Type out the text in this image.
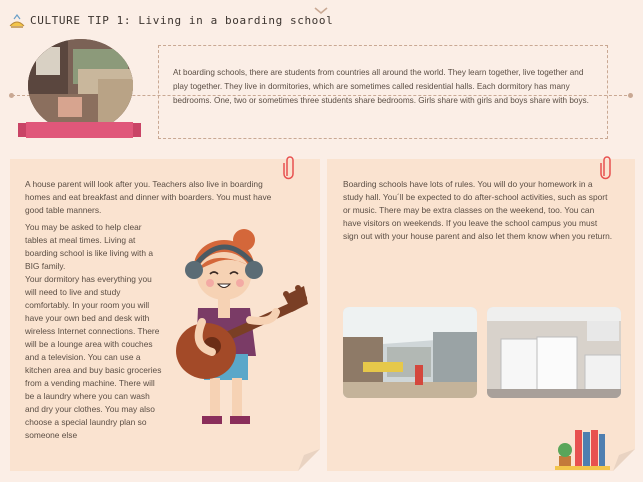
CULTURE TIP 1: Living in a boarding school

At boarding schools, there are students from countries all around the world. They learn together, live together and play together. They live in dormitories, which are sometimes called residential halls. Each dormitory has many bedrooms. One, two or sometimes three students share bedrooms. Girls share with girls and boys share with boys.

A house parent will look after you. Teachers also live in boarding homes and eat breakfast and dinner with boarders. You must have good table manners.

You may be asked to help clear tables at meal times. Living at boarding school is like living with a BIG family.
Your dormitory has everything you will need to live and study comfortably. In your room you will have your own bed and desk with wireless Internet connections. There will be a lounge area with couches and a television. You can use a kitchen area and buy basic groceries from a vending machine. There will be a laundry where you can wash and dry your clothes. You may also choose a special laundry plan so someone else

Boarding schools have lots of rules. You will do your homework in a study hall. You´ll be expected to do after-school activities, such as sport or music. There may be extra classes on the weekend, too. You can have visitors on weekends. If you leave the school campus you must sign out with your house parent and also let them know when you return.
